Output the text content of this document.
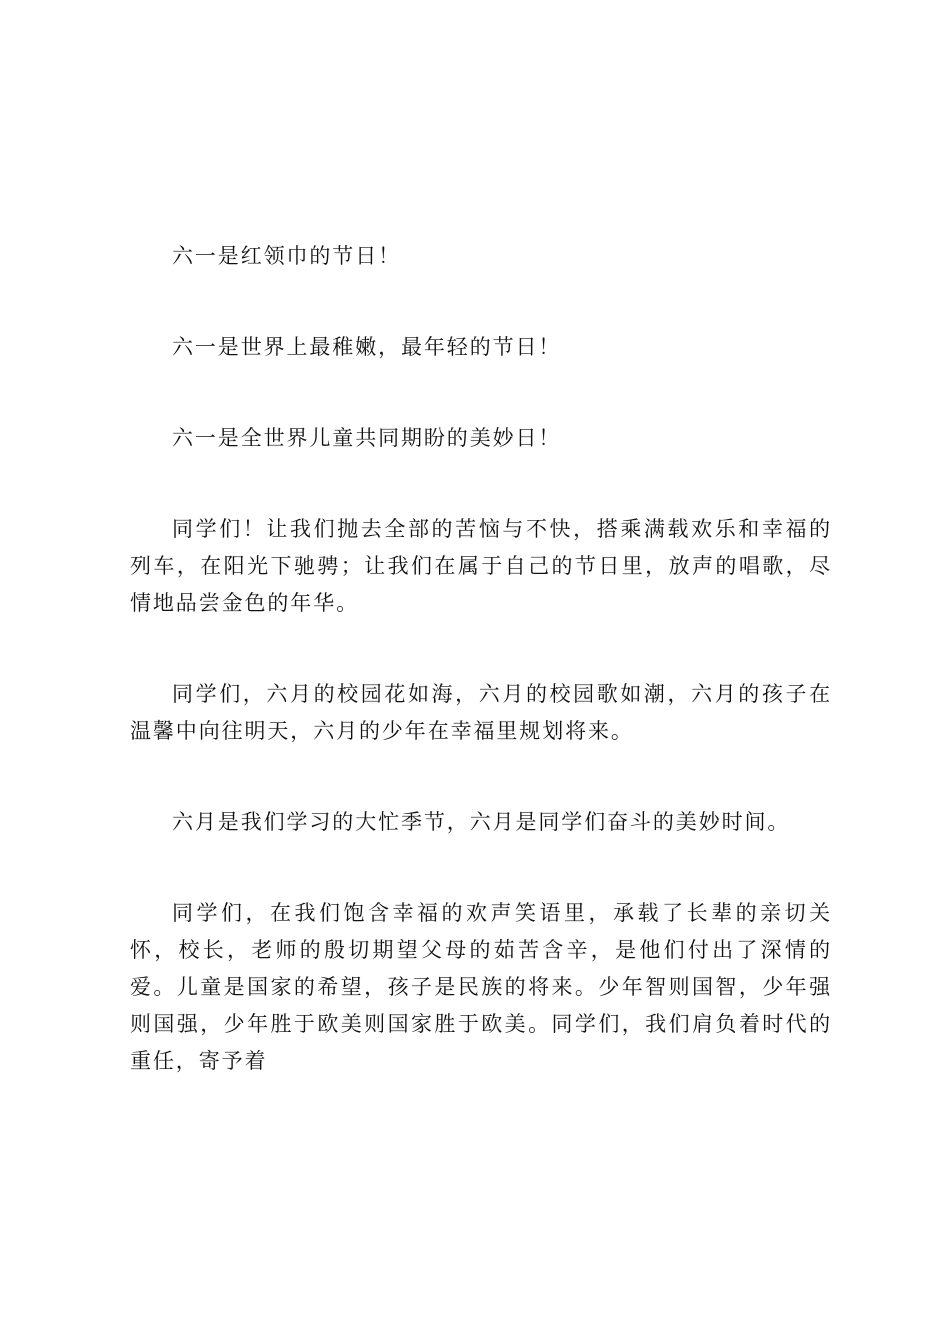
六一是红领巾的节日！

六一是世界上最稚嫩，最年轻的节日！

六一是全世界儿童共同期盼的美妙日！

同学们！让我们抛去全部的苦恼与不快，搭乘满载欢乐和幸福的列车，在阳光下驰骋；让我们在属于自己的节日里，放声的唱歌，尽情地品尝金色的年华。

同学们，六月的校园花如海，六月的校园歌如潮，六月的孩子在温馨中向往明天，六月的少年在幸福里规划将来。

六月是我们学习的大忙季节，六月是同学们奋斗的美妙时间。

同学们，在我们饱含幸福的欢声笑语里，承载了长辈的亲切关怀，校长，老师的殷切期望父母的茹苦含辛，是他们付出了深情的爱。儿童是国家的希望，孩子是民族的将来。少年智则国智，少年强则国强，少年胜于欧美则国家胜于欧美。同学们，我们肩负着时代的重任，寄予着
